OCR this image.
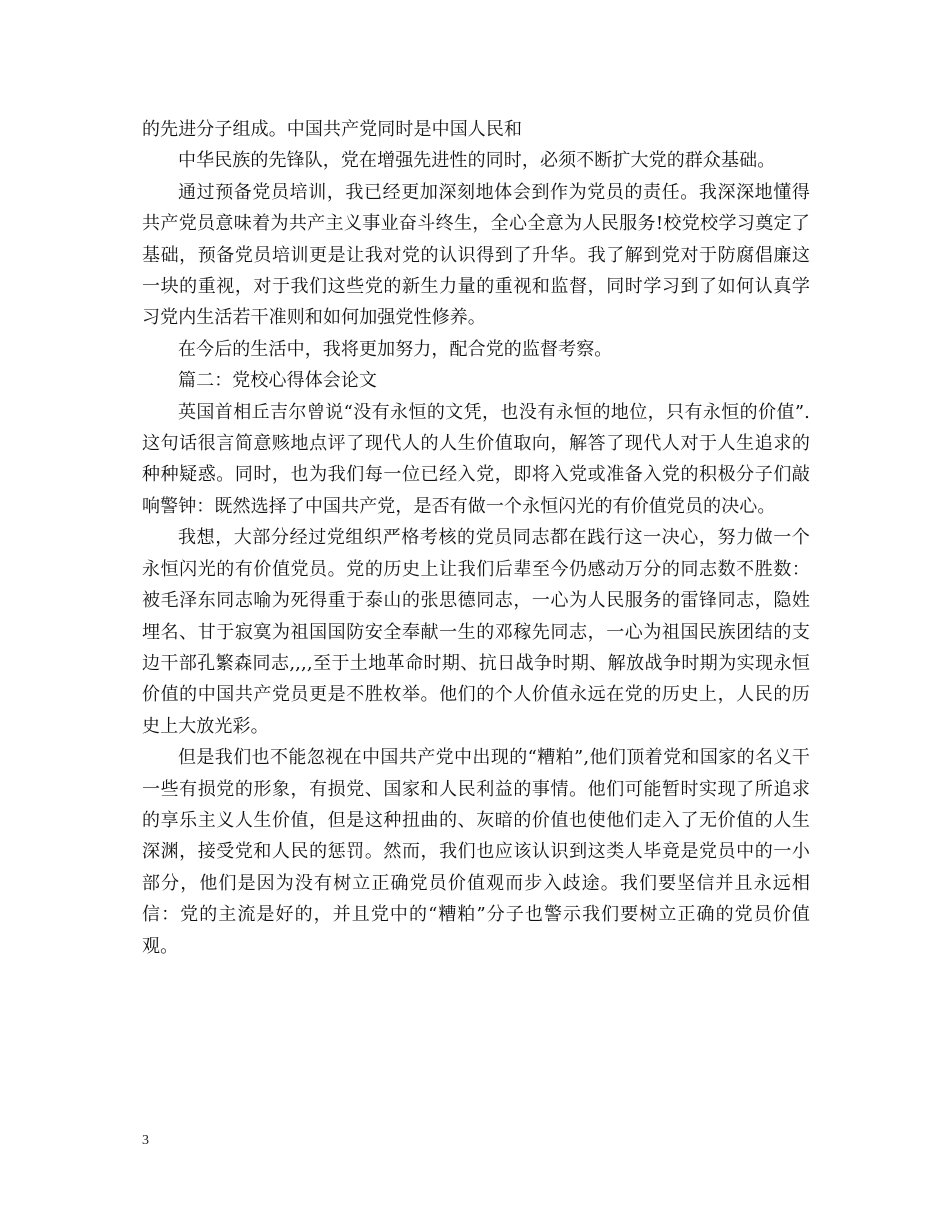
的先进分子组成。中国共产党同时是中国人民和

中华民族的先锋队，党在增强先进性的同时，必须不断扩大党的群众基础。

通过预备党员培训，我已经更加深刻地体会到作为党员的责任。我深深地懂得共产党员意味着为共产主义事业奋斗终生，全心全意为人民服务!校党校学习奠定了基础，预备党员培训更是让我对党的认识得到了升华。我了解到党对于防腐倡廉这一块的重视，对于我们这些党的新生力量的重视和监督，同时学习到了如何认真学习党内生活若干准则和如何加强党性修养。

在今后的生活中，我将更加努力，配合党的监督考察。

篇二：党校心得体会论文

英国首相丘吉尔曾说“没有永恒的文凭，也没有永恒的地位，只有永恒的价值”.这句话很言简意赅地点评了现代人的人生价值取向，解答了现代人对于人生追求的种种疑惑。同时，也为我们每一位已经入党，即将入党或准备入党的积极分子们敲响警钟：既然选择了中国共产党，是否有做一个永恒闪光的有价值党员的决心。

我想，大部分经过党组织严格考核的党员同志都在践行这一决心，努力做一个永恒闪光的有价值党员。党的历史上让我们后辈至今仍感动万分的同志数不胜数：被毛泽东同志喻为死得重于泰山的张思德同志，一心为人民服务的雷锋同志，隐姓埋名、甘于寂寞为祖国国防安全奉献一生的邓稼先同志，一心为祖国民族团结的支边干部孔繁森同志,,,,至于土地革命时期、抗日战争时期、解放战争时期为实现永恒价值的中国共产党员更是不胜枚举。他们的个人价值永远在党的历史上，人民的历史上大放光彩。

但是我们也不能忽视在中国共产党中出现的“糟粕”,他们顶着党和国家的名义干一些有损党的形象，有损党、国家和人民利益的事情。他们可能暂时实现了所追求的享乐主义人生价值，但是这种扭曲的、灰暗的价值也使他们走入了无价值的人生深渊，接受党和人民的惩罚。然而，我们也应该认识到这类人毕竟是党员中的一小部分，他们是因为没有树立正确党员价值观而步入歧途。我们要坚信并且永远相信：党的主流是好的，并且党中的“糟粕”分子也警示我们要树立正确的党员价值观。

3
